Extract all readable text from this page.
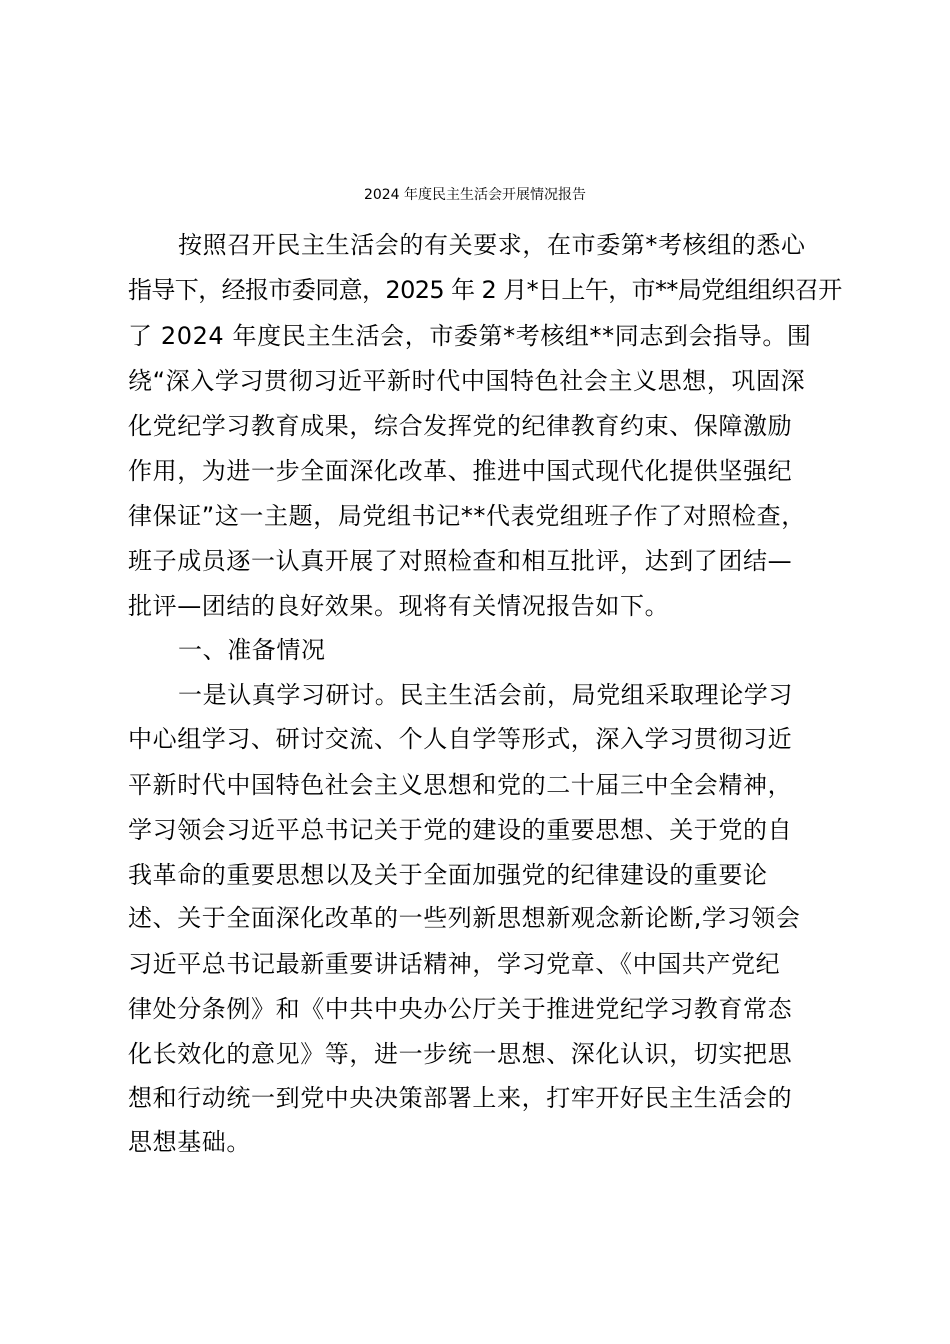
2024 年度民主生活会开展情况报告
按照召开民主生活会的有关要求，在市委第*考核组的悉心
指导下，经报市委同意，2025 年 2 月*日上午，市**局党组组织召开
了 2024 年度民主生活会，市委第*考核组**同志到会指导。围
绕“深入学习贯彻习近平新时代中国特色社会主义思想，巩固深
化党纪学习教育成果，综合发挥党的纪律教育约束、保障激励
作用，为进一步全面深化改革、推进中国式现代化提供坚强纪
律保证”这一主题，局党组书记**代表党组班子作了对照检查，
班子成员逐一认真开展了对照检查和相互批评，达到了团结—
批评—团结的良好效果。现将有关情况报告如下。
一、准备情况
一是认真学习研讨。民主生活会前，局党组采取理论学习
中心组学习、研讨交流、个人自学等形式，深入学习贯彻习近
平新时代中国特色社会主义思想和党的二十届三中全会精神，
学习领会习近平总书记关于党的建设的重要思想、关于党的自
我革命的重要思想以及关于全面加强党的纪律建设的重要论
述、关于全面深化改革的一些列新思想新观念新论断,学习领会
习近平总书记最新重要讲话精神，学习党章、《中国共产党纪
律处分条例》和《中共中央办公厅关于推进党纪学习教育常态
化长效化的意见》等，进一步统一思想、深化认识，切实把思
想和行动统一到党中央决策部署上来，打牢开好民主生活会的
思想基础。
